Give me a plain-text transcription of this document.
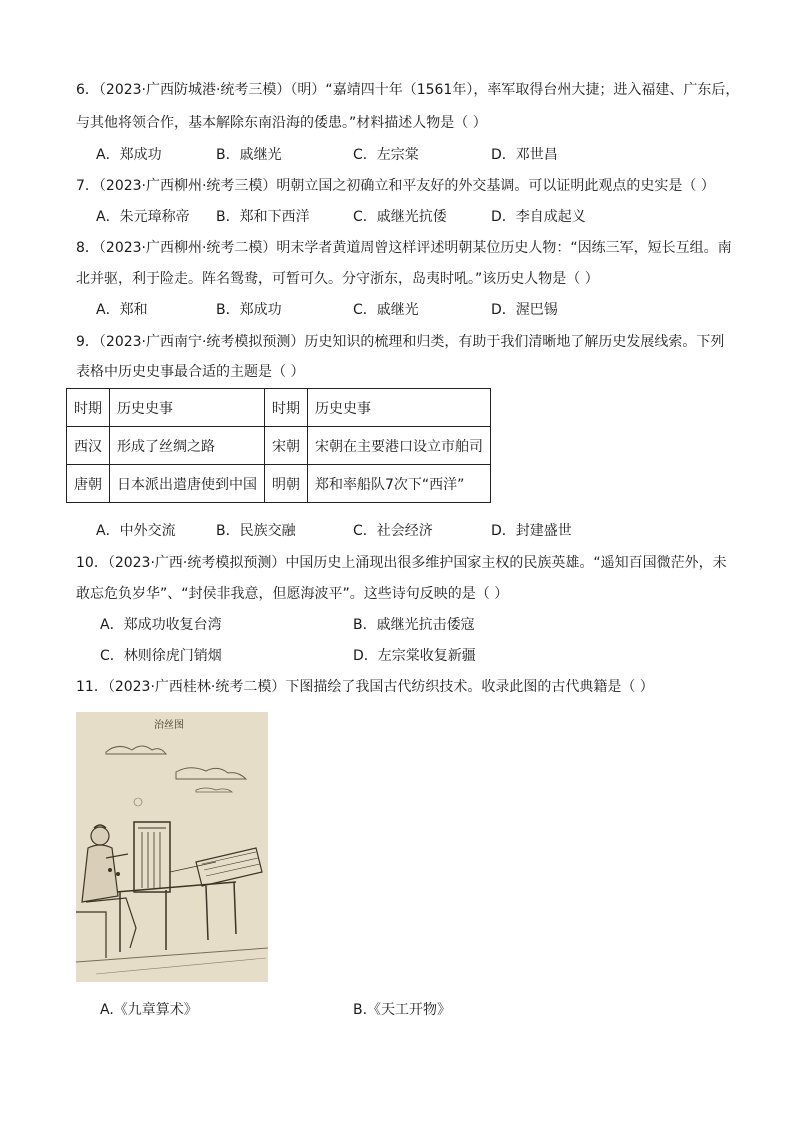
6．（2023·广西防城港·统考三模）（明）“嘉靖四十年（1561年），率军取得台州大捷；进入福建、广东后，
与其他将领合作，基本解除东南沿海的倭患。”材料描述人物是（ ）
A．郑成功	B．戚继光	C．左宗棠	D．邓世昌
7．（2023·广西柳州·统考三模）明朝立国之初确立和平友好的外交基调。可以证明此观点的史实是（ ）
A．朱元璋称帝 B．郑和下西洋	C．戚继光抗倭	D．李自成起义
8．（2023·广西柳州·统考二模）明末学者黄道周曾这样评述明朝某位历史人物：“因练三军，短长互组。南
北并驱，利于险走。阵名鸳鸯，可暂可久。分守浙东，岛夷时吼。”该历史人物是（ ）
A．郑和	B．郑成功	C．戚继光	D．渥巴锡
9．（2023·广西南宁·统考模拟预测）历史知识的梳理和归类，有助于我们清晰地了解历史发展线索。下列
表格中历史史事最合适的主题是（ ）
时期	历史史事	时期	历史史事
西汉	形成了丝绸之路	宋朝	宋朝在主要港口设立市舶司
唐朝	日本派出遣唐使到中国	明朝	郑和率船队7次下“西洋”
A．中外交流	B．民族交融	C．社会经济	D．封建盛世
10．（2023·广西·统考模拟预测）中国历史上涌现出很多维护国家主权的民族英雄。“遥知百国微茫外，未
敢忘危负岁华”、“封侯非我意，但愿海波平”。这些诗句反映的是（ ）
A．郑成功收复台湾	B．戚继光抗击倭寇
C．林则徐虎门销烟	D．左宗棠收复新疆
11．（2023·广西桂林·统考二模）下图描绘了我国古代纺织技术。收录此图的古代典籍是（ ）
治丝图
A.《九章算术》	B.《天工开物》
